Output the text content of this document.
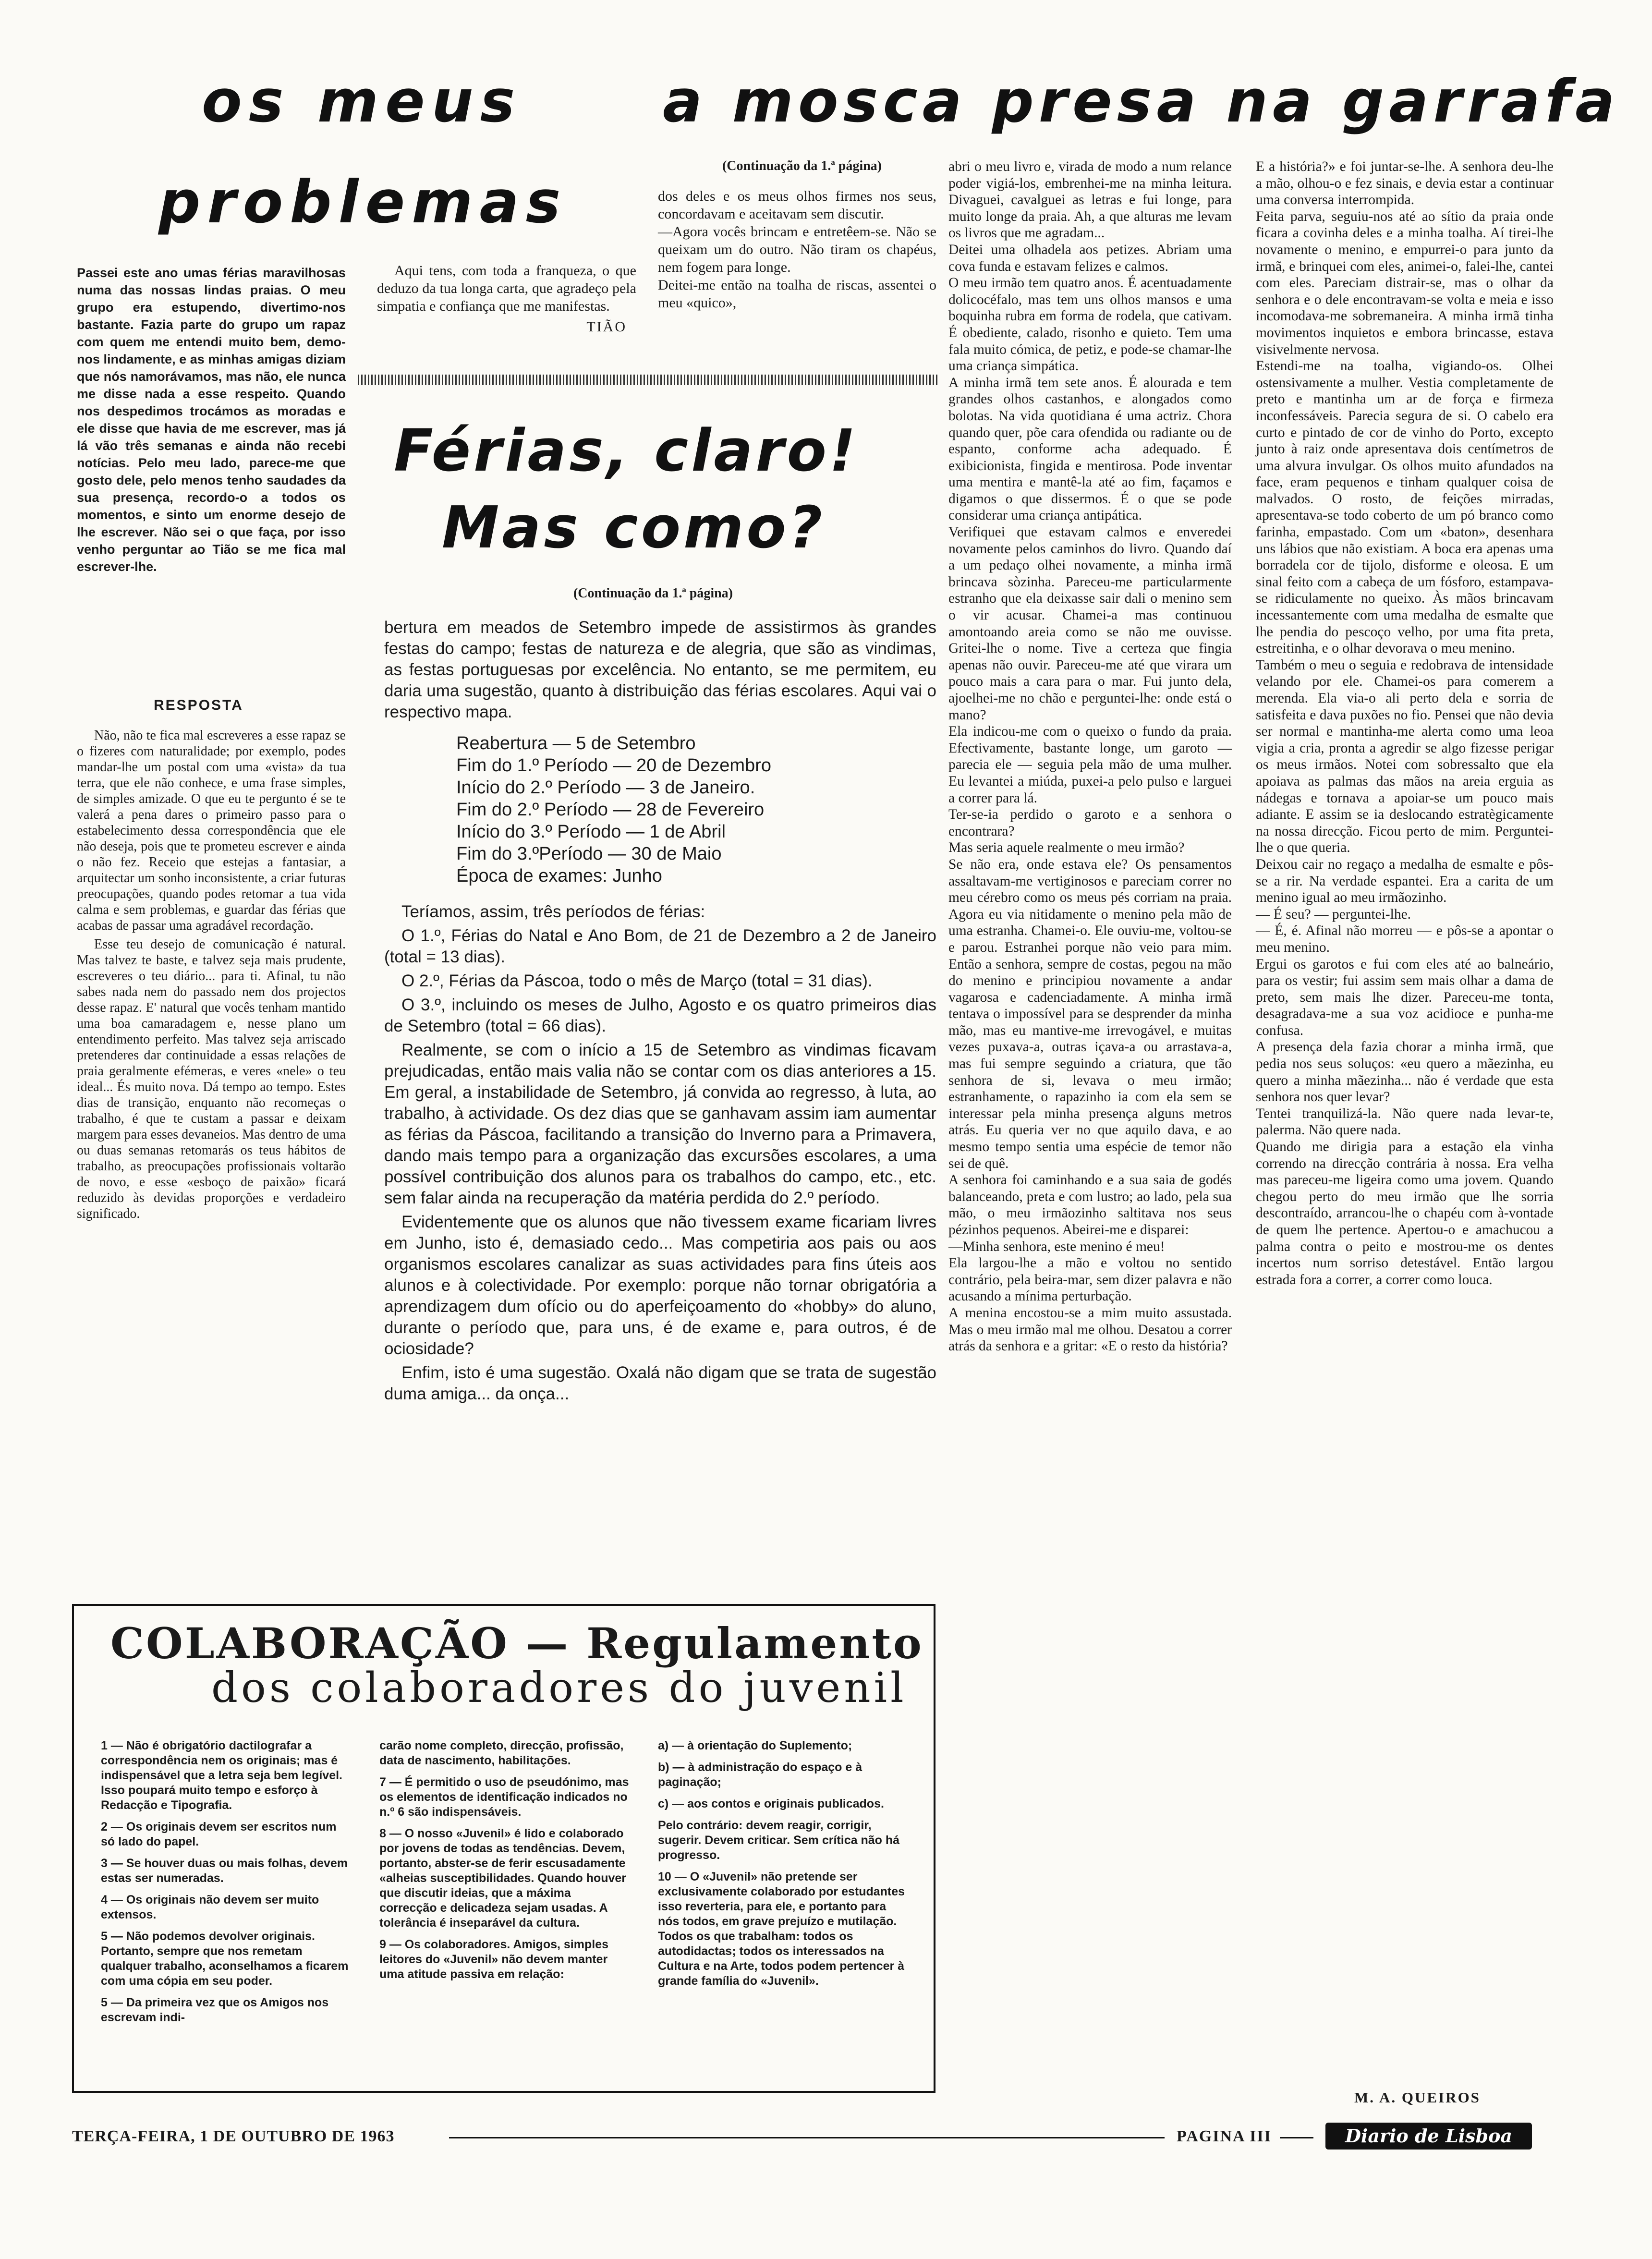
os meus
problemas
a mosca presa na garrafa
Passei este ano umas férias maravilhosas numa das nossas lindas praias. O meu grupo era estupendo, divertimo-nos bastante. Fazia parte do grupo um rapaz com quem me entendi muito bem, demo-nos lindamente, e as minhas amigas diziam que nós namorávamos, mas não, ele nunca me disse nada a esse respeito. Quando nos despedimos trocámos as moradas e ele disse que havia de me escrever, mas já lá vão três semanas e ainda não recebi notícias. Pelo meu lado, parece-me que gosto dele, pelo menos tenho saudades da sua presença, recordo-o a todos os momentos, e sinto um enorme desejo de lhe escrever. Não sei o que faça, por isso venho perguntar ao Tião se me fica mal escrever-lhe.
RESPOSTA

Não, não te fica mal escreveres a esse rapaz se o fizeres com naturalidade; por exemplo, podes mandar-lhe um postal com uma «vista» da tua terra, que ele não conhece, e uma frase simples, de simples amizade. O que eu te pergunto é se te valerá a pena dares o primeiro passo para o estabelecimento dessa correspondência que ele não deseja, pois que te prometeu escrever e ainda o não fez. Receio que estejas a fantasiar, a arquitectar um sonho inconsistente, a criar futuras preocupações, quando podes retomar a tua vida calma e sem problemas, e guardar das férias que acabas de passar uma agradável recordação.

Esse teu desejo de comunicação é natural. Mas talvez te baste, e talvez seja mais prudente, escreveres o teu diário... para ti. Afinal, tu não sabes nada nem do passado nem dos projectos desse rapaz. E' natural que vocês tenham mantido uma boa camaradagem e, nesse plano um entendimento perfeito. Mas talvez seja arriscado pretenderes dar continuidade a essas relações de praia geralmente efémeras, e veres «nele» o teu ideal... És muito nova. Dá tempo ao tempo. Estes dias de transição, enquanto não recomeças o trabalho, é que te custam a passar e deixam margem para esses devaneios. Mas dentro de uma ou duas semanas retomarás os teus hábitos de trabalho, as preocupações profissionais voltarão de novo, e esse «esboço de paixão» ficará reduzido às devidas proporções e verdadeiro significado.

Aqui tens, com toda a franqueza, o que deduzo da tua longa carta, que agradeço pela simpatia e confiança que me manifestas.

TIÃO
(Continuação da 1.ª página)
dos deles e os meus olhos firmes nos seus, concordavam e aceitavam sem discutir.
—Agora vocês brincam e entretêem-se. Não se queixam um do outro. Não tiram os chapéus, nem fogem para longe.
Deitei-me então na toalha de riscas, assentei o meu «quico»,
Férias, claro!
Mas como?
(Continuação da 1.ª página)

bertura em meados de Setembro impede de assistirmos às grandes festas do campo; festas de natureza e de alegria, que são as vindimas, as festas portuguesas por excelência. No entanto, se me permitem, eu daria uma sugestão, quanto à distribuição das férias escolares. Aqui vai o respectivo mapa.

Reabertura — 5 de Setembro
Fim do 1.º Período — 20 de Dezembro
Início do 2.º Período — 3 de Janeiro.
Fim do 2.º Período — 28 de Fevereiro
Início do 3.º Período — 1 de Abril
Fim do 3.ºPeríodo — 30 de Maio
Época de exames: Junho

Teríamos, assim, três períodos de férias:

O 1.º, Férias do Natal e Ano Bom, de 21 de Dezembro a 2 de Janeiro (total = 13 dias).

O 2.º, Férias da Páscoa, todo o mês de Março (total = 31 dias).

O 3.º, incluindo os meses de Julho, Agosto e os quatro primeiros dias de Setembro (total = 66 dias).

Realmente, se com o início a 15 de Setembro as vindimas ficavam prejudicadas, então mais valia não se contar com os dias anteriores a 15. Em geral, a instabilidade de Setembro, já convida ao regresso, à luta, ao trabalho, à actividade. Os dez dias que se ganhavam assim iam aumentar as férias da Páscoa, facilitando a transição do Inverno para a Primavera, dando mais tempo para a organização das excursões escolares, a uma possível contribuição dos alunos para os trabalhos do campo, etc., etc. sem falar ainda na recuperação da matéria perdida do 2.º período.

Evidentemente que os alunos que não tivessem exame ficariam livres em Junho, isto é, demasiado cedo... Mas competiria aos pais ou aos organismos escolares canalizar as suas actividades para fins úteis aos alunos e à colectividade. Por exemplo: porque não tornar obrigatória a aprendizagem dum ofício ou do aperfeiçoamento do «hobby» do aluno, durante o período que, para uns, é de exame e, para outros, é de ociosidade?

Enfim, isto é uma sugestão. Oxalá não digam que se trata de sugestão duma amiga... da onça...

abri o meu livro e, virada de modo a num relance poder vigiá-los, embrenhei-me na minha leitura. Divaguei, cavalguei as letras e fui longe, para muito longe da praia. Ah, a que alturas me levam os livros que me agradam...
Deitei uma olhadela aos petizes. Abriam uma cova funda e estavam felizes e calmos.
O meu irmão tem quatro anos. É acentuadamente dolicocéfalo, mas tem uns olhos mansos e uma boquinha rubra em forma de rodela, que cativam. É obediente, calado, risonho e quieto. Tem uma fala muito cómica, de petiz, e pode-se chamar-lhe uma criança simpática.
A minha irmã tem sete anos. É alourada e tem grandes olhos castanhos, e alongados como bolotas. Na vida quotidiana é uma actriz. Chora quando quer, põe cara ofendida ou radiante ou de espanto, conforme acha adequado. É exibicionista, fingida e mentirosa. Pode inventar uma mentira e mantê-la até ao fim, façamos e digamos o que dissermos. É o que se pode considerar uma criança antipática.
Verifiquei que estavam calmos e enveredei novamente pelos caminhos do livro. Quando daí a um pedaço olhei novamente, a minha irmã brincava sòzinha. Pareceu-me particularmente estranho que ela deixasse sair dali o menino sem o vir acusar. Chamei-a mas continuou amontoando areia como se não me ouvisse. Gritei-lhe o nome. Tive a certeza que fingia apenas não ouvir. Pareceu-me até que virara um pouco mais a cara para o mar. Fui junto dela, ajoelhei-me no chão e perguntei-lhe: onde está o mano?
Ela indicou-me com o queixo o fundo da praia. Efectivamente, bastante longe, um garoto — parecia ele — seguia pela mão de uma mulher. Eu levantei a miúda, puxei-a pelo pulso e larguei a correr para lá.
Ter-se-ia perdido o garoto e a senhora o encontrara?
Mas seria aquele realmente o meu irmão?
Se não era, onde estava ele? Os pensamentos assaltavam-me vertiginosos e pareciam correr no meu cérebro como os meus pés corriam na praia. Agora eu via nitidamente o menino pela mão de uma estranha. Chamei-o. Ele ouviu-me, voltou-se e parou. Estranhei porque não veio para mim. Então a senhora, sempre de costas, pegou na mão do menino e principiou novamente a andar vagarosa e cadenciadamente. A minha irmã tentava o impossível para se desprender da minha mão, mas eu mantive-me irrevogável, e muitas vezes puxava-a, outras içava-a ou arrastava-a, mas fui sempre seguindo a criatura, que tão senhora de si, levava o meu irmão; estranhamente, o rapazinho ia com ela sem se interessar pela minha presença alguns metros atrás. Eu queria ver no que aquilo dava, e ao mesmo tempo sentia uma espécie de temor não sei de quê.
A senhora foi caminhando e a sua saia de godés balanceando, preta e com lustro; ao lado, pela sua mão, o meu irmãozinho saltitava nos seus pézinhos pequenos. Abeirei-me e disparei:
—Minha senhora, este menino é meu!
Ela largou-lhe a mão e voltou no sentido contrário, pela beira-mar, sem dizer palavra e não acusando a mínima perturbação.
A menina encostou-se a mim muito assustada. Mas o meu irmão mal me olhou. Desatou a correr atrás da senhora e a gritar: «E o resto da história?
E a história?» e foi juntar-se-lhe. A senhora deu-lhe a mão, olhou-o e fez sinais, e devia estar a continuar uma conversa interrompida.
Feita parva, seguiu-nos até ao sítio da praia onde ficara a covinha deles e a minha toalha. Aí tirei-lhe novamente o menino, e empurrei-o para junto da irmã, e brinquei com eles, animei-o, falei-lhe, cantei com eles. Pareciam distrair-se, mas o olhar da senhora e o dele encontravam-se volta e meia e isso incomodava-me sobremaneira. A minha irmã tinha movimentos inquietos e embora brincasse, estava visivelmente nervosa.
Estendi-me na toalha, vigiando-os. Olhei ostensivamente a mulher. Vestia completamente de preto e mantinha um ar de força e firmeza inconfessáveis. Parecia segura de si. O cabelo era curto e pintado de cor de vinho do Porto, excepto junto à raiz onde apresentava dois centímetros de uma alvura invulgar. Os olhos muito afundados na face, eram pequenos e tinham qualquer coisa de malvados. O rosto, de feições mirradas, apresentava-se todo coberto de um pó branco como farinha, empastado. Com um «baton», desenhara uns lábios que não existiam. A boca era apenas uma borradela cor de tijolo, disforme e oleosa. E um sinal feito com a cabeça de um fósforo, estampava-se ridiculamente no queixo. Às mãos brincavam incessantemente com uma medalha de esmalte que lhe pendia do pescoço velho, por uma fita preta, estreitinha, e o olhar devorava o meu menino.
Também o meu o seguia e redobrava de intensidade velando por ele. Chamei-os para comerem a merenda. Ela via-o ali perto dela e sorria de satisfeita e dava puxões no fio. Pensei que não devia ser normal e mantinha-me alerta como uma leoa vigia a cria, pronta a agredir se algo fizesse perigar os meus irmãos. Notei com sobressalto que ela apoiava as palmas das mãos na areia erguia as nádegas e tornava a apoiar-se um pouco mais adiante. E assim se ia deslocando estratègicamente na nossa direcção. Ficou perto de mim. Perguntei-lhe o que queria.
Deixou cair no regaço a medalha de esmalte e pôs-se a rir. Na verdade espantei. Era a carita de um menino igual ao meu irmãozinho.
— É seu? — perguntei-lhe.
— É, é. Afinal não morreu — e pôs-se a apontar o meu menino.
Ergui os garotos e fui com eles até ao balneário, para os vestir; fui assim sem mais olhar a dama de preto, sem mais lhe dizer. Pareceu-me tonta, desagradava-me a sua voz acidioce e punha-me confusa.
A presença dela fazia chorar a minha irmã, que pedia nos seus soluços: «eu quero a mãezinha, eu quero a minha mãezinha... não é verdade que esta senhora nos quer levar?
Tentei tranquilizá-la. Não quere nada levar-te, palerma. Não quere nada.
Quando me dirigia para a estação ela vinha correndo na direcção contrária à nossa. Era velha mas pareceu-me ligeira como uma jovem. Quando chegou perto do meu irmão que lhe sorria descontraído, arrancou-lhe o chapéu com à-vontade de quem lhe pertence. Apertou-o e amachucou a palma contra o peito e mostrou-me os dentes incertos num sorriso detestável. Então largou estrada fora a correr, a correr como louca.
M. A. QUEIROS
COLABORAÇÃO — Regulamento
dos colaboradores do juvenil
1 — Não é obrigatório dactilografar a correspondência nem os originais; mas é indispensável que a letra seja bem legível. Isso poupará muito tempo e esforço à Redacção e Tipografia.
2 — Os originais devem ser escritos num só lado do papel.
3 — Se houver duas ou mais folhas, devem estas ser numeradas.
4 — Os originais não devem ser muito extensos.
5 — Não podemos devolver originais. Portanto, sempre que nos remetam qualquer trabalho, aconselhamos a ficarem com uma cópia em seu poder.
5 — Da primeira vez que os Amigos nos escrevam indi-
carão nome completo, direcção, profissão, data de nascimento, habilitações.
7 — É permitido o uso de pseudónimo, mas os elementos de identificação indicados no n.º 6 são indispensáveis.
8 — O nosso «Juvenil» é lido e colaborado por jovens de todas as tendências. Devem, portanto, abster-se de ferir escusadamente «alheias susceptibilidades. Quando houver que discutir ideias, que a máxima correcção e delicadeza sejam usadas. A tolerância é inseparável da cultura.
9 — Os colaboradores. Amigos, simples leitores do «Juvenil» não devem manter uma atitude passiva em relação:
a) — à orientação do Suplemento;
b) — à administração do espaço e à paginação;
c) — aos contos e originais publicados.
Pelo contrário: devem reagir, corrigir, sugerir. Devem criticar. Sem crítica não há progresso.
10 — O «Juvenil» não pretende ser exclusivamente colaborado por estudantes isso reverteria, para ele, e portanto para nós todos, em grave prejuízo e mutilação. Todos os que trabalham: todos os autodidactas; todos os interessados na Cultura e na Arte, todos podem pertencer à grande família do «Juvenil».
TERÇA-FEIRA, 1 DE OUTUBRO DE 1963	PAGINA III	Diario de Lisboa
